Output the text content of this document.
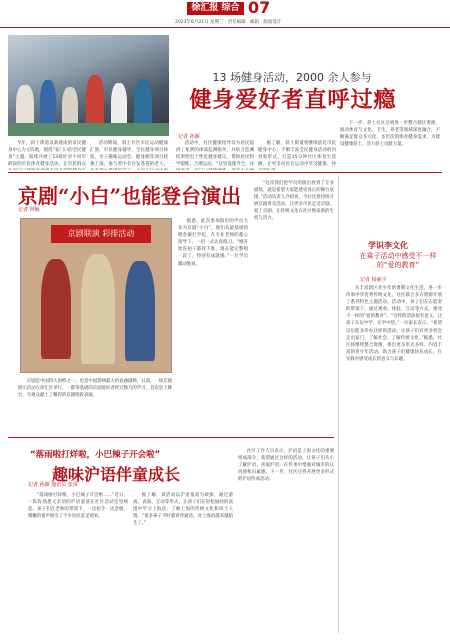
徐汇报 综合 07
2023年6月21日 星期三 · 责任编辑 · 邮箱 · 版面设计
13 场健身活动，2000 余人参与
健身爱好者直呼过瘾
记者 孙颖

今年，斜土街道以新建成的市民健身中心为主阵地，围绕“家门口的全民健身”主题，陆续开展了13场针对不同年龄段的市民体育健身活动，让市民群众

活动期间，斜土社区市民运动健康汇演、市民健身辅导、全民健身项目体验、亲子趣味运动会、健身跑等项目轮番上演。参与者中有白发苍苍的老人，

活动中，社区健康指导员为居民提供了免费的体质监测服务，并结合监测结果给出个性化健身建议，帮助居民科学锻炼、合理运动。“这里设施齐全、环

据了解，斜土街道将继续依托市民健身中心，不断丰富全民健身活动的内容和形式，打造15分钟社区体育生活圈，让更多居民在运动中享受健康、快

下一步，斜土社区还将进一步整合辖区资源，推动体育与文化、卫生、养老等领域深度融合，不断满足群众多元化、多层次的体育健身需求，为建设健康斜土、活力斜土贡献力量。

京剧“小白”也能登台演出
记者 钟颖
京剧联演 彩排活动

据悉，此次参加演出的学员大多为京剧“小白”，他们从最基础的唱念做打学起，在专业老师的悉心指导下，一招一式认真练习。“刚开始连拍子都找不准，现在能完整唱一段了，特别有成就感。”一位学员激动地说。

“这次我们把学员的演出放到了专业剧场，就是希望大家能感受真正的舞台氛围。”活动负责人介绍说，今后还将持续开展京剧普及活动，让更多市民走近京剧、爱上京剧，让传统文化在社区焕发新的生机与活力。

京剧是中国四大国粹之一，也是中国影响最大的戏曲剧种。日前，一场京剧展示活动在徐汇区举行，一群零基础的京剧爱好者经过数月的学习，首次登上舞台，为观众献上了精彩的京剧唱段表演。

“落雨啦打烊啦，小巴辣子开会啦”
趣味沪语伴童成长
记者 孙颖 通讯员 张苗

“落雨啦打烊啦，小巴辣子开会啦……”近日，一阵阵熟悉又亲切的沪语童谣在社区活动室里响起。孩子们在老师的带领下，一边拍手一边念唱，稚嫩的童声吸引了不少居民驻足观看。

据了解，该活动以沪语童谣为载体，通过游戏、表演、互动等形式，让孩子们在轻松愉快的氛围中学习上海话，了解上海的传统文化和风土人情。“很多孩子平时都讲普通话，对上海话越来越陌生了。”

社区工作人员表示，沪语是上海文化的重要组成部分，希望通过这样的活动，让孩子们从小了解沪语、喜爱沪语，在传承中增强对城市的认同感和归属感。下一步，社区还将开展更多形式的沪语传承活动。

学识李文化
在乘子活动中感受不一样的“爱的教育”
记者 杨丽宇

为丰富辖区青少年的暑期文化生活，进一步传承中华优秀传统文化，社区联合多方资源开展了系列特色主题活动。活动中，孩子们在志愿者的带领下，通过观看、体验、互动等方式，感受不一样的“爱的教育”。“这样的活动很有意义，让孩子在玩中学，在学中悟。”一位家长表示。“希望以后能多举办这样的活动，让孩子们有更多机会走出家门，了解社会、了解传统文化。”据悉，社区将继续整合资源，推出更多形式多样、内容丰富的青少年活动，助力孩子们健康快乐成长，在实践中感受成长的意义与乐趣。
